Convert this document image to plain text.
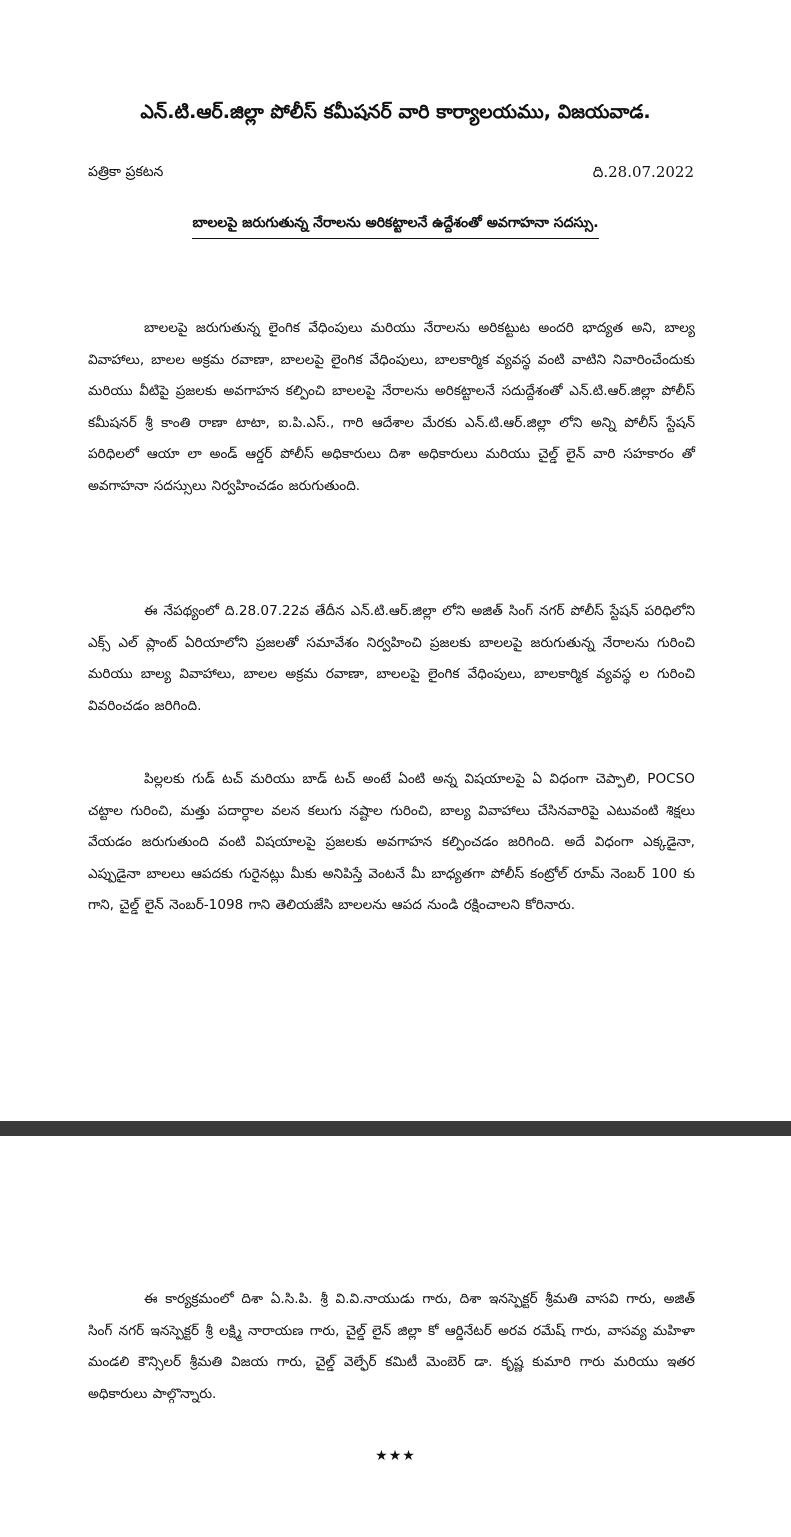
ఎన్.టి.ఆర్.జిల్లా పోలీస్ కమీషనర్ వారి కార్యాలయము, విజయవాడ.
పత్రికా ప్రకటన	ది.28.07.2022
బాలలపై జరుగుతున్న నేరాలను అరికట్టాలనే ఉద్దేశంతో అవగాహనా సదస్సు.

బాలలపై జరుగుతున్న లైంగిక వేధింపులు మరియు నేరాలను అరికట్టుట అందరి భాద్యత అని, బాల్య వివాహాలు, బాలల అక్రమ రవాణా, బాలలపై లైంగిక వేధింపులు, బాలకార్మిక వ్యవస్థ వంటి వాటిని నివారించేందుకు మరియు వీటిపై ప్రజలకు అవగాహన కల్పించి బాలలపై నేరాలను అరికట్టాలనే సదుద్దేశంతో ఎన్.టి.ఆర్.జిల్లా పోలీస్ కమీషనర్ శ్రీ కాంతి రాణా టాటా, ఐ.పి.ఎస్., గారి ఆదేశాల మేరకు ఎన్.టి.ఆర్.జిల్లా లోని అన్ని పోలీస్ స్టేషన్ పరిధిలలో ఆయా లా అండ్ ఆర్డర్ పోలీస్ అధికారులు దిశా అధికారులు మరియు చైల్డ్ లైన్ వారి సహకారం తో అవగాహనా సదస్సులు నిర్వహించడం జరుగుతుంది.

ఈ నేపథ్యంలో ది.28.07.22వ తేదీన ఎన్.టి.ఆర్.జిల్లా లోని అజిత్ సింగ్ నగర్ పోలీస్ స్టేషన్ పరిధిలోని ఎక్స్ ఎల్ ప్లాంట్ ఏరియాలోని ప్రజలతో సమావేశం నిర్వహించి ప్రజలకు బాలలపై జరుగుతున్న నేరాలను గురించి మరియు బాల్య వివాహాలు, బాలల అక్రమ రవాణా, బాలలపై లైంగిక వేధింపులు, బాలకార్మిక వ్యవస్థ ల గురించి వివరించడం జరిగింది.

పిల్లలకు గుడ్ టచ్ మరియు బాడ్ టచ్ అంటే ఏంటి అన్న విషయాలపై ఏ విధంగా చెప్పాలి, POCSO చట్టాల గురించి, మత్తు పదార్ధాల వలన కలుగు నష్టాల గురించి, బాల్య వివాహాలు చేసినవారిపై ఎటువంటి శిక్షలు వేయడం జరుగుతుంది వంటి విషయాలపై ప్రజలకు అవగాహన కల్పించడం జరిగింది. అదే విధంగా ఎక్కడైనా, ఎప్పుడైనా బాలలు ఆపదకు గురైనట్లు మీకు అనిపిస్తే వెంటనే మీ బాధ్యతగా పోలీస్ కంట్రోల్ రూమ్ నెంబర్ 100 కు గాని, చైల్డ్ లైన్ నెంబర్-1098 గాని తెలియజేసి బాలలను ఆపద నుండి రక్షించాలని కోరినారు.

ఈ కార్యక్రమంలో దిశా ఏ.సి.పి. శ్రీ వి.వి.నాయుడు గారు, దిశా ఇనస్పెక్టర్ శ్రీమతి వాసవి గారు, అజిత్ సింగ్ నగర్ ఇనస్పెక్టర్ శ్రీ లక్ష్మి నారాయణ గారు, చైల్డ్ లైన్ జిల్లా కో ఆర్డినేటర్ అరవ రమేష్ గారు, వాసవ్య మహిళా మండలి కౌన్సిలర్ శ్రీమతి విజయ గారు, చైల్డ్ వెల్ఫేర్ కమిటీ మెంబెర్ డా. కృష్ణ కుమారి గారు మరియు ఇతర అధికారులు పాల్గొన్నారు.

★★★
